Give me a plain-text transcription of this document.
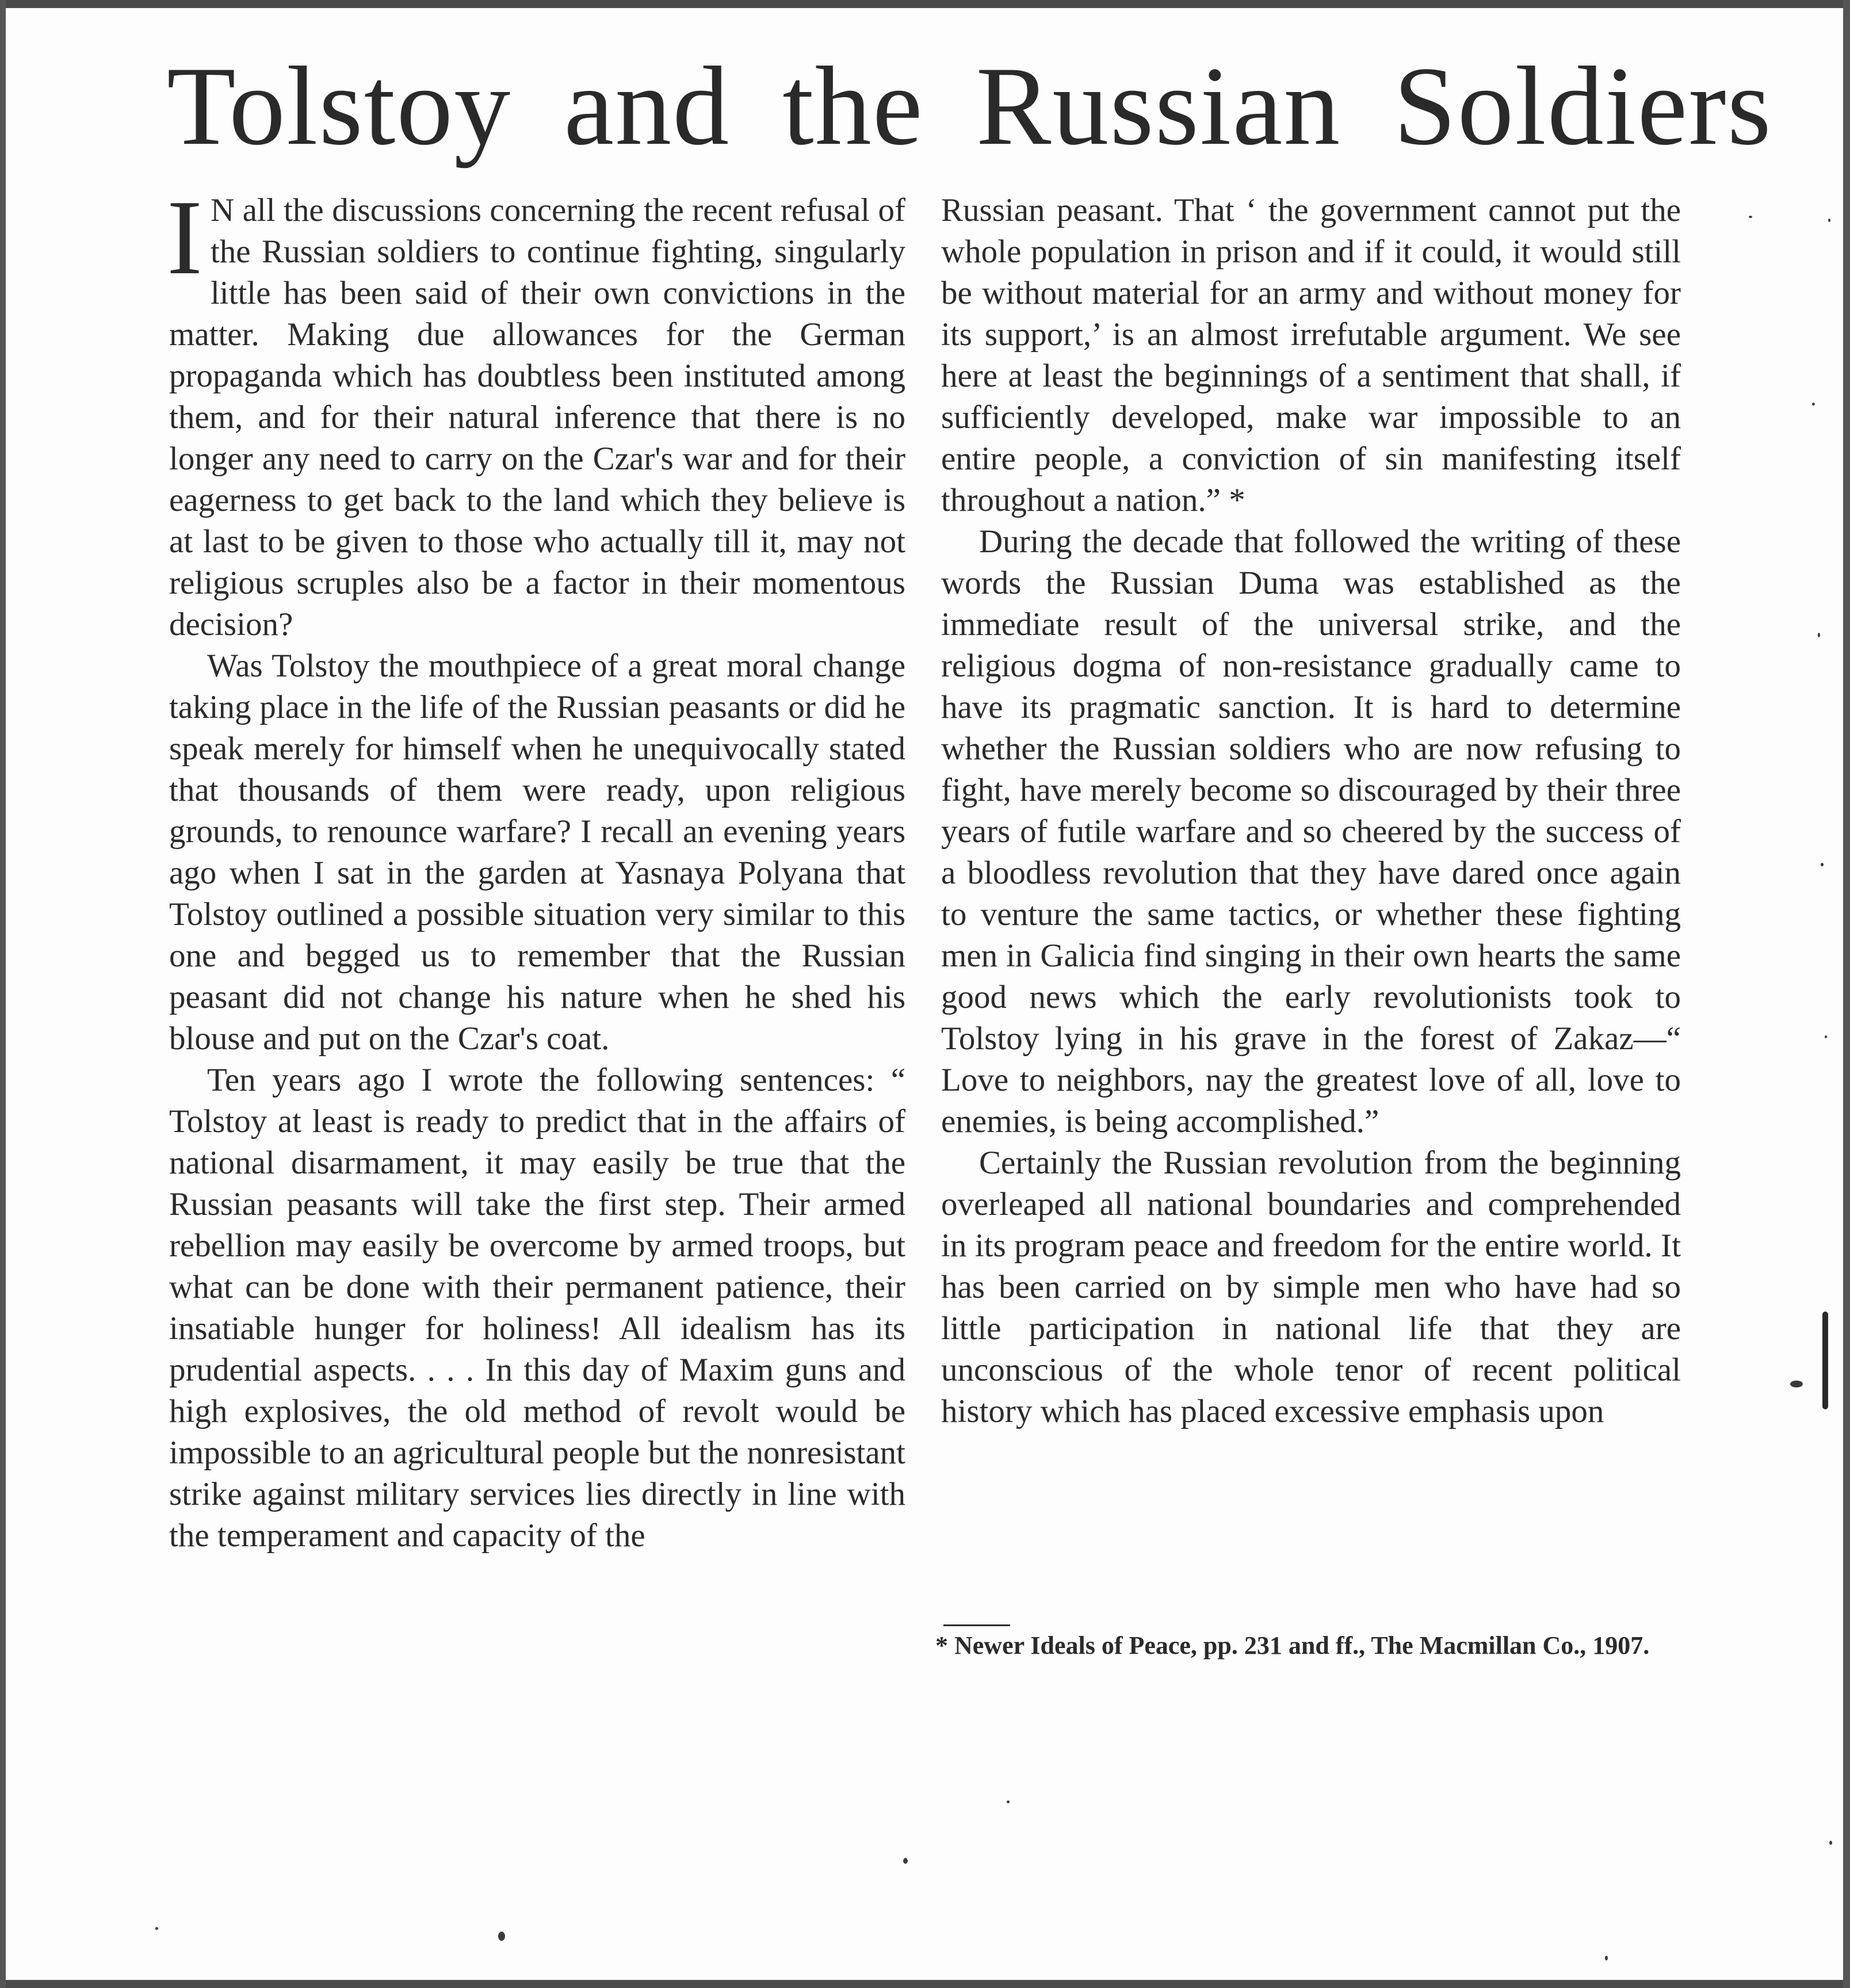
Tolstoy and the Russian Soldiers

I N all the discussions concerning the recent refusal of the Russian soldiers to continue fighting, singularly little has been said of their own convictions in the matter. Making due allowances for the German propaganda which has doubtless been instituted among them, and for their natural inference that there is no longer any need to carry on the Czar's war and for their eagerness to get back to the land which they believe is at last to be given to those who actually till it, may not religious scruples also be a factor in their momentous decision?

Was Tolstoy the mouthpiece of a great moral change taking place in the life of the Russian peasants or did he speak merely for himself when he unequivocally stated that thousands of them were ready, upon religious grounds, to renounce warfare? I recall an evening years ago when I sat in the garden at Yasnaya Polyana that Tolstoy outlined a possible situation very similar to this one and begged us to remember that the Russian peasant did not change his nature when he shed his blouse and put on the Czar's coat.

Ten years ago I wrote the following sentences: “ Tolstoy at least is ready to predict that in the affairs of national disarmament, it may easily be true that the Russian peasants will take the first step. Their armed rebellion may easily be overcome by armed troops, but what can be done with their permanent patience, their insatiable hunger for holiness! All idealism has its prudential aspects. . . . In this day of Maxim guns and high explosives, the old method of revolt would be impossible to an agricultural people but the nonresistant strike against military services lies directly in line with the temperament and capacity of the

Russian peasant. That ‘ the government cannot put the whole population in prison and if it could, it would still be without material for an army and without money for its support,’ is an almost irrefutable argument. We see here at least the beginnings of a sentiment that shall, if sufficiently developed, make war impossible to an entire people, a conviction of sin manifesting itself throughout a nation.” *

During the decade that followed the writing of these words the Russian Duma was established as the immediate result of the universal strike, and the religious dogma of non-resistance gradually came to have its pragmatic sanction. It is hard to determine whether the Russian soldiers who are now refusing to fight, have merely become so discouraged by their three years of futile warfare and so cheered by the success of a bloodless revolution that they have dared once again to venture the same tactics, or whether these fighting men in Galicia find singing in their own hearts the same good news which the early revolutionists took to Tolstoy lying in his grave in the forest of Zakaz—“ Love to neighbors, nay the greatest love of all, love to enemies, is being accomplished.”

Certainly the Russian revolution from the beginning overleaped all national boundaries and comprehended in its program peace and freedom for the entire world. It has been carried on by simple men who have had so little participation in national life that they are unconscious of the whole tenor of recent political history which has placed excessive emphasis upon

* Newer Ideals of Peace, pp. 231 and ff., The Macmillan Co., 1907.
